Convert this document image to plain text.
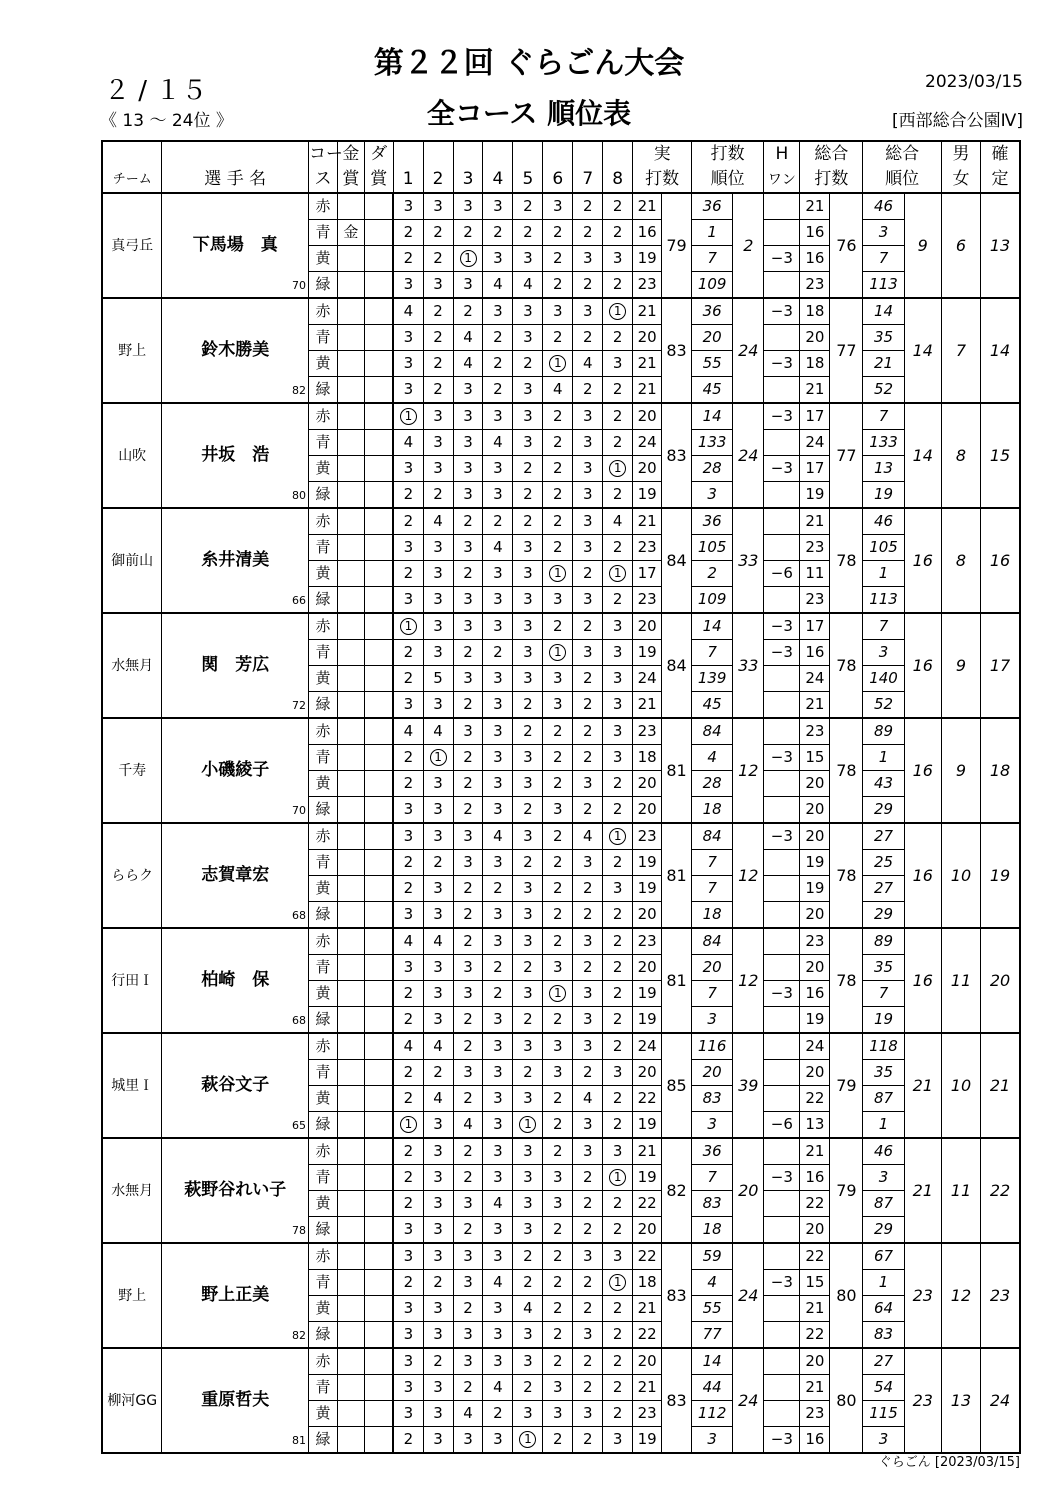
第２２回 ぐらごん大会
全コース 順位表
２ / １５
《 13 ～ 24位 》
2023/03/15
[西部総合公園Ⅳ]
		コー	金	ダ									実		打数		H	総合		総合		男	確
チーム	選 手 名	ス	賞	賞	1	2	3	4	5	6	7	8	打数		順位		ワン	打数		順位		女	定
真弓丘	下馬場　真
70	赤			3	3	3	3	2	3	2	2	21	79	36	2		21	76	46	9	6	13
		青	金		2	2	2	2	2	2	2	2	16		1			16		3			
		黄			2	2	1	3	3	2	3	3	19		7		−3	16		7			
		緑			3	3	3	4	4	2	2	2	23		109			23		113			
野上	鈴木勝美
82	赤			4	2	2	3	3	3	3	1	21	83	36	24	−3	18	77	14	14	7	14
		青			3	2	4	2	3	2	2	2	20		20			20		35			
		黄			3	2	4	2	2	1	4	3	21		55		−3	18		21			
		緑			3	2	3	2	3	4	2	2	21		45			21		52			
山吹	井坂　浩
80	赤			1	3	3	3	3	2	3	2	20	83	14	24	−3	17	77	7	14	8	15
		青			4	3	3	4	3	2	3	2	24		133			24		133			
		黄			3	3	3	3	2	2	3	1	20		28		−3	17		13			
		緑			2	2	3	3	2	2	3	2	19		3			19		19			
御前山	糸井清美
66	赤			2	4	2	2	2	2	3	4	21	84	36	33		21	78	46	16	8	16
		青			3	3	3	4	3	2	3	2	23		105			23		105			
		黄			2	3	2	3	3	1	2	1	17		2		−6	11		1			
		緑			3	3	3	3	3	3	3	2	23		109			23		113			
水無月	関　芳広
72	赤			1	3	3	3	3	2	2	3	20	84	14	33	−3	17	78	7	16	9	17
		青			2	3	2	2	3	1	3	3	19		7		−3	16		3			
		黄			2	5	3	3	3	3	2	3	24		139			24		140			
		緑			3	3	2	3	2	3	2	3	21		45			21		52			
千寿	小磯綾子
70	赤			4	4	3	3	2	2	2	3	23	81	84	12		23	78	89	16	9	18
		青			2	1	2	3	3	2	2	3	18		4		−3	15		1			
		黄			2	3	2	3	3	2	3	2	20		28			20		43			
		緑			3	3	2	3	2	3	2	2	20		18			20		29			
ららク	志賀章宏
68	赤			3	3	3	4	3	2	4	1	23	81	84	12	−3	20	78	27	16	10	19
		青			2	2	3	3	2	2	3	2	19		7			19		25			
		黄			2	3	2	2	3	2	2	3	19		7			19		27			
		緑			3	3	2	3	3	2	2	2	20		18			20		29			
行田Ｉ	柏崎　保
68	赤			4	4	2	3	3	2	3	2	23	81	84	12		23	78	89	16	11	20
		青			3	3	3	2	2	3	2	2	20		20			20		35			
		黄			2	3	3	2	3	1	3	2	19		7		−3	16		7			
		緑			2	3	2	3	2	2	3	2	19		3			19		19			
城里Ｉ	萩谷文子
65	赤			4	4	2	3	3	3	3	2	24	85	116	39		24	79	118	21	10	21
		青			2	2	3	3	2	3	2	3	20		20			20		35			
		黄			2	4	2	3	3	2	4	2	22		83			22		87			
		緑			1	3	4	3	1	2	3	2	19		3		−6	13		1			
水無月	萩野谷れい子
78	赤			2	3	2	3	3	2	3	3	21	82	36	20		21	79	46	21	11	22
		青			2	3	2	3	3	3	2	1	19		7		−3	16		3			
		黄			2	3	3	4	3	3	2	2	22		83			22		87			
		緑			3	3	2	3	3	2	2	2	20		18			20		29			
野上	野上正美
82	赤			3	3	3	3	2	2	3	3	22	83	59	24		22	80	67	23	12	23
		青			2	2	3	4	2	2	2	1	18		4		−3	15		1			
		黄			3	3	2	3	4	2	2	2	21		55			21		64			
		緑			3	3	3	3	3	2	3	2	22		77			22		83			
柳河GG	重原哲夫
81	赤			3	2	3	3	3	2	2	2	20	83	14	24		20	80	27	23	13	24
		青			3	3	2	4	2	3	2	2	21		44			21		54			
		黄			3	3	4	2	3	3	3	2	23		112			23		115			
		緑			2	3	3	3	1	2	2	3	19		3		−3	16		3			
ぐらごん [2023/03/15]
